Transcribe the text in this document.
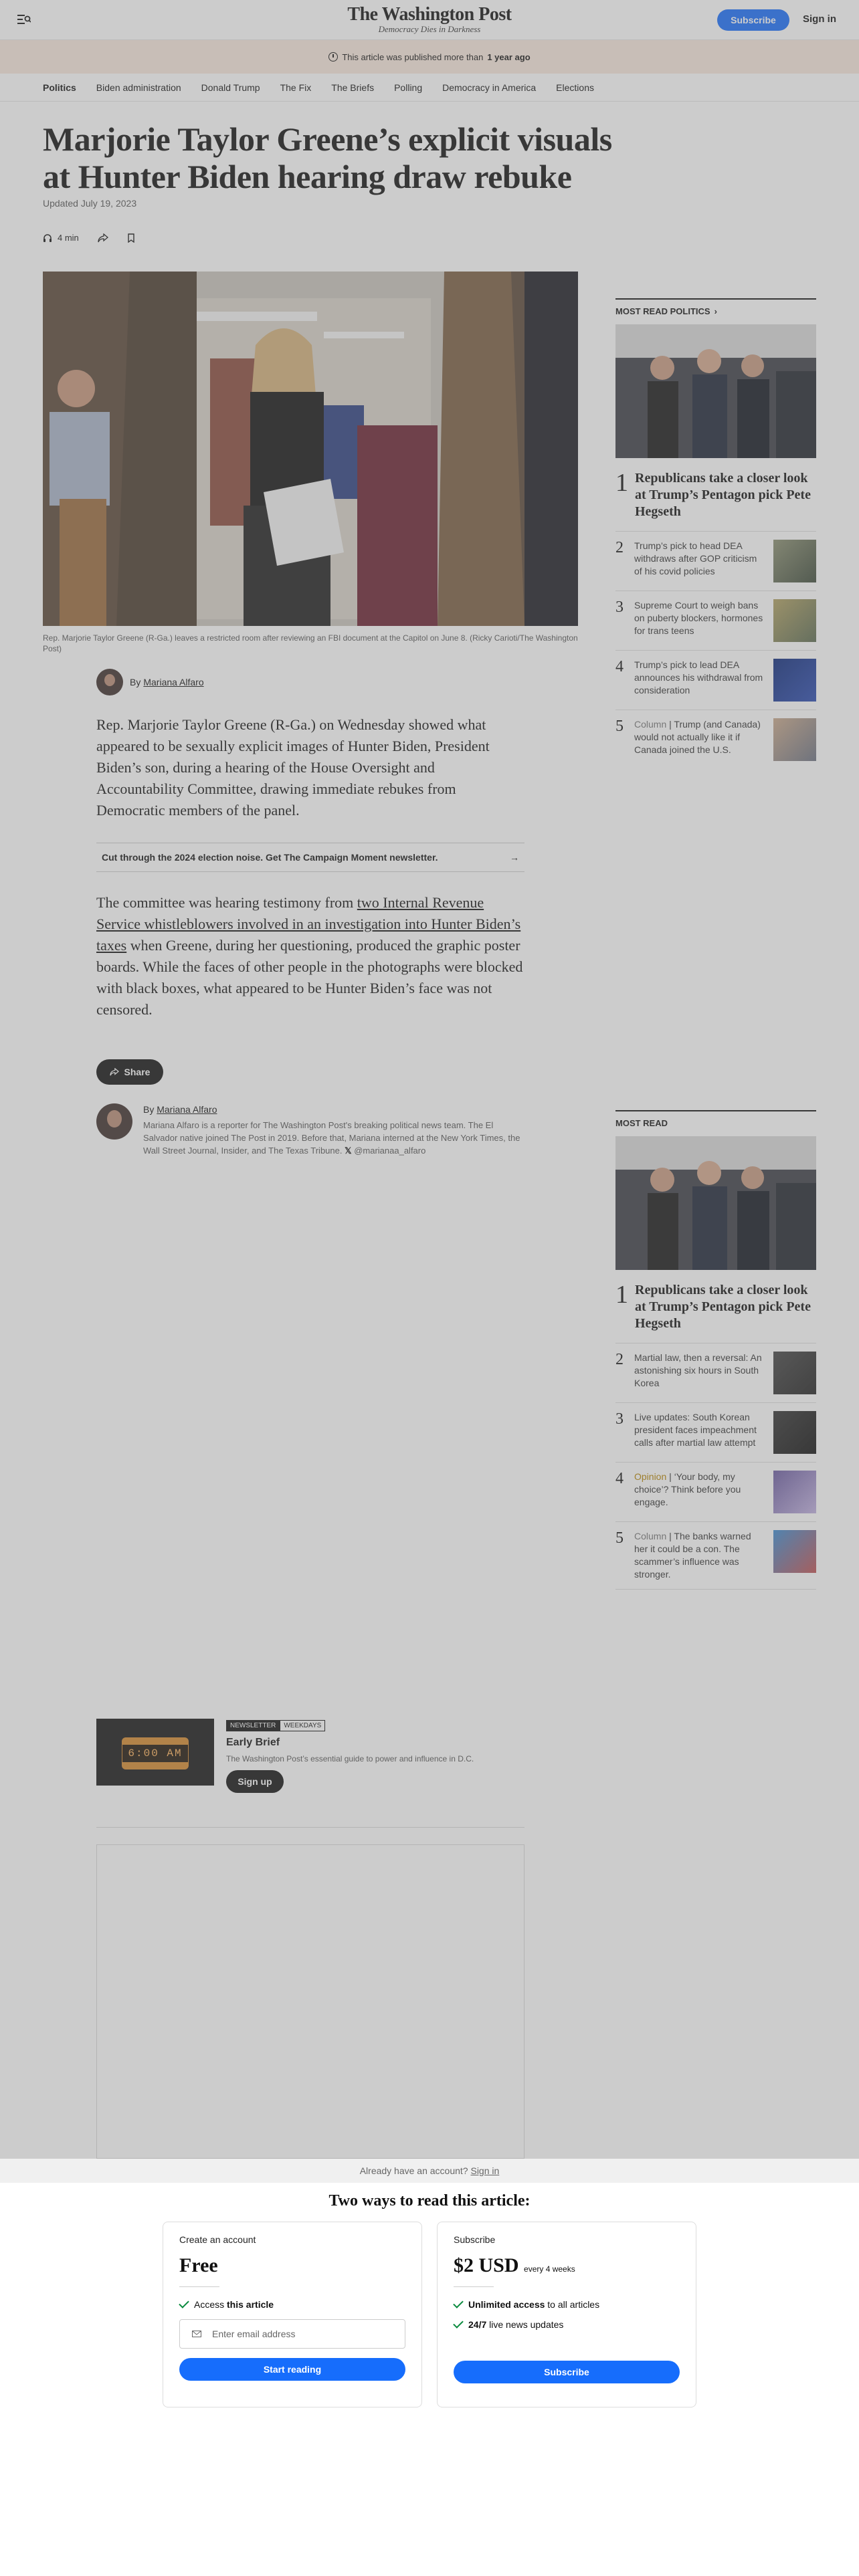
The Washington Post
Democracy Dies in Darkness
Subscribe	Sign in
This article was published more than 1 year ago
Politics Biden administration Donald Trump The Fix The Briefs Polling Democracy in America Elections
Marjorie Taylor Greene’s explicit visuals at Hunter Biden hearing draw rebuke
Updated July 19, 2023
4 min
Rep. Marjorie Taylor Greene (R-Ga.) leaves a restricted room after reviewing an FBI document at the Capitol on June 8. (Ricky Carioti/The Washington Post)
By Mariana Alfaro

Rep. Marjorie Taylor Greene (R-Ga.) on Wednesday showed what appeared to be sexually explicit images of Hunter Biden, President Biden’s son, during a hearing of the House Oversight and Accountability Committee, drawing immediate rebukes from Democratic members of the panel.

Cut through the 2024 election noise. Get The Campaign Moment newsletter.	→

The committee was hearing testimony from two Internal Revenue Service whistleblowers involved in an investigation into Hunter Biden’s taxes when Greene, during her questioning, produced the graphic poster boards. While the faces of other people in the photographs were blocked with black boxes, what appeared to be Hunter Biden’s face was not censored.

Share
By Mariana Alfaro
Mariana Alfaro is a reporter for The Washington Post's breaking political news team. The El Salvador native joined The Post in 2019. Before that, Mariana interned at the New York Times, the Wall Street Journal, Insider, and The Texas Tribune. 𝕏 @marianaa_alfaro
MOST READ POLITICS ›
1 Republicans take a closer look at Trump’s Pentagon pick Pete Hegseth
2	Trump’s pick to head DEA withdraws after GOP criticism of his covid policies
3	Supreme Court to weigh bans on puberty blockers, hormones for trans teens
4	Trump’s pick to lead DEA announces his withdrawal from consideration
5	Column | Trump (and Canada) would not actually like it if Canada joined the U.S.
MOST READ
1 Republicans take a closer look at Trump’s Pentagon pick Pete Hegseth
2	Martial law, then a reversal: An astonishing six hours in South Korea
3	Live updates: South Korean president faces impeachment calls after martial law attempt
4	Opinion | ‘Your body, my choice’? Think before you engage.
5	Column | The banks warned her it could be a con. The scammer’s influence was stronger.
6:00 AM
NEWSLETTER WEEKDAYS
Early Brief
The Washington Post’s essential guide to power and influence in D.C.
Sign up
Already have an account? Sign in
Two ways to read this article:
Create an account
Free
Access this article
Enter email address
Start reading
Subscribe
$2 USD every 4 weeks
Unlimited access to all articles
24/7 live news updates
Subscribe
